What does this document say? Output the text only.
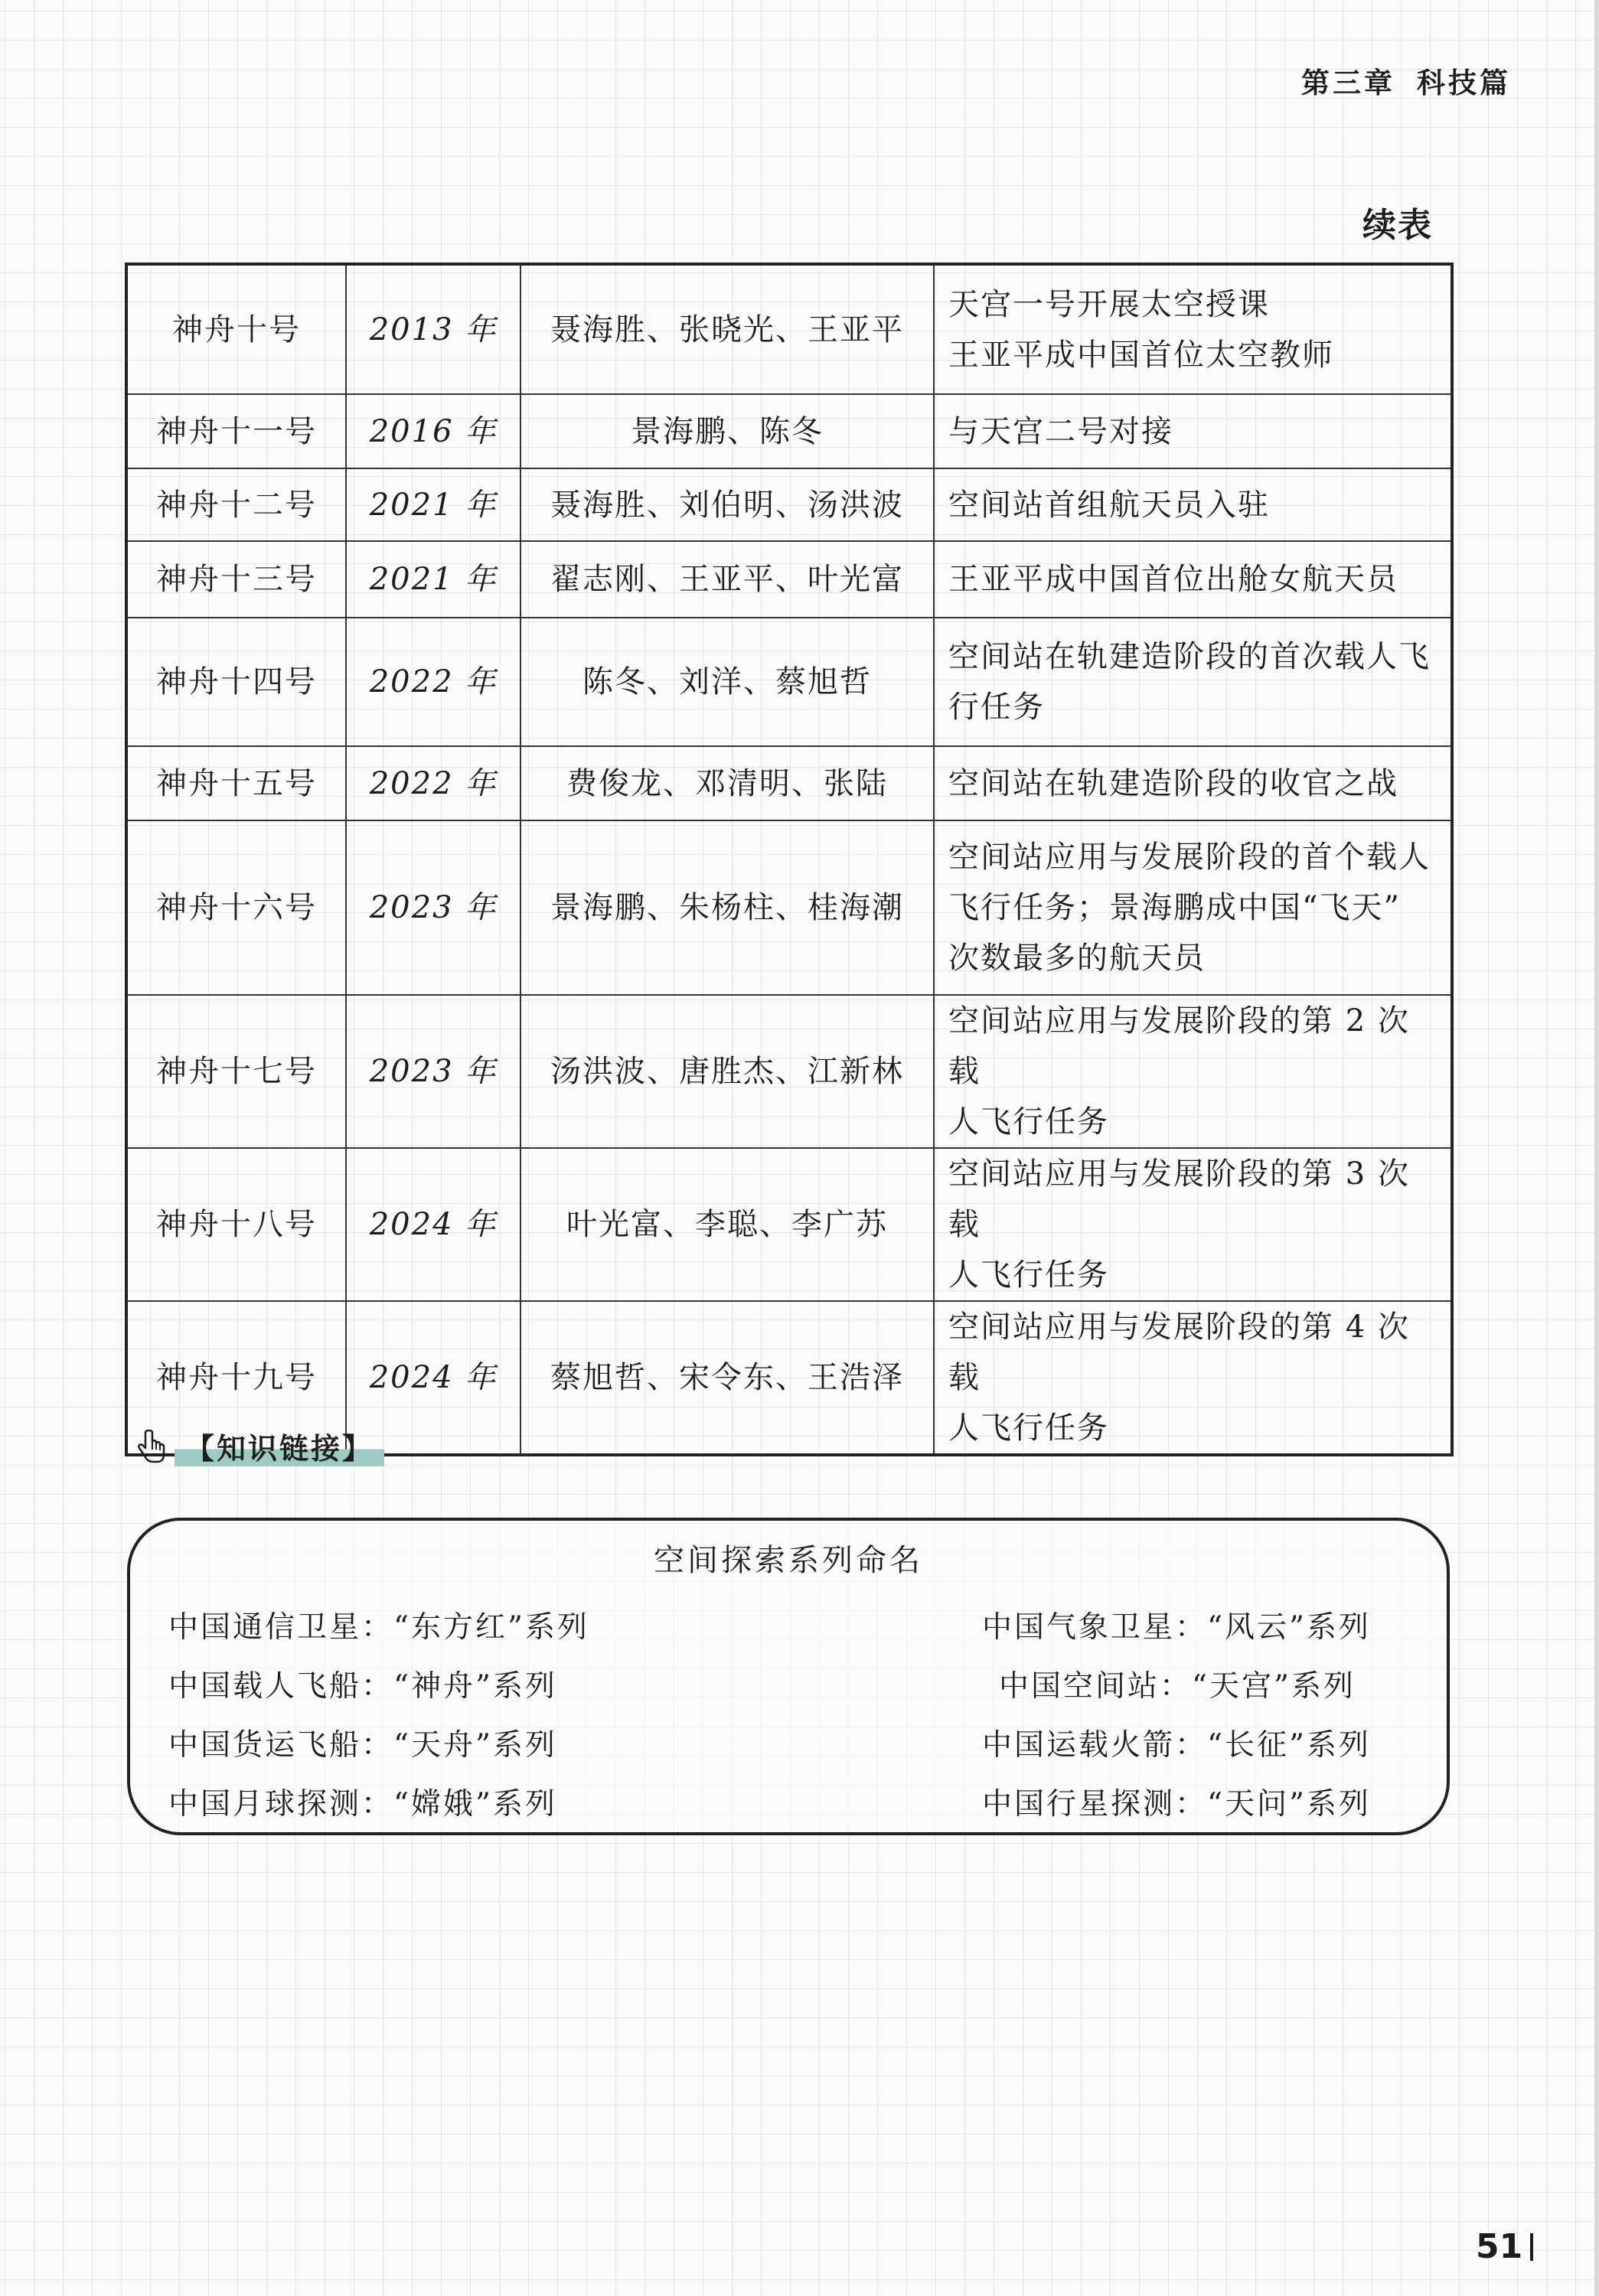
第三章 科技篇
续表
神舟十号	2013 年	聂海胜、张晓光、王亚平	天宫一号开展太空授课
王亚平成中国首位太空教师

神舟十一号	2016 年	景海鹏、陈冬	与天宫二号对接

神舟十二号	2021 年	聂海胜、刘伯明、汤洪波	空间站首组航天员入驻

神舟十三号	2021 年	翟志刚、王亚平、叶光富	王亚平成中国首位出舱女航天员

神舟十四号	2022 年	陈冬、刘洋、蔡旭哲	空间站在轨建造阶段的首次载人飞
行任务

神舟十五号	2022 年	费俊龙、邓清明、张陆	空间站在轨建造阶段的收官之战

神舟十六号	2023 年	景海鹏、朱杨柱、桂海潮	空间站应用与发展阶段的首个载人
飞行任务；景海鹏成中国“飞天”
次数最多的航天员

神舟十七号	2023 年	汤洪波、唐胜杰、江新林	空间站应用与发展阶段的第 2 次载
人飞行任务

神舟十八号	2024 年	叶光富、李聪、李广苏	空间站应用与发展阶段的第 3 次载
人飞行任务

神舟十九号	2024 年	蔡旭哲、宋令东、王浩泽	空间站应用与发展阶段的第 4 次载
人飞行任务
【知识链接】
空间探索系列命名
中国通信卫星：“东方红”系列
中国载人飞船：“神舟”系列
中国货运飞船：“天舟”系列
中国月球探测：“嫦娥”系列
中国气象卫星：“风云”系列
中国空间站：“天宫”系列
中国运载火箭：“长征”系列
中国行星探测：“天问”系列
51
